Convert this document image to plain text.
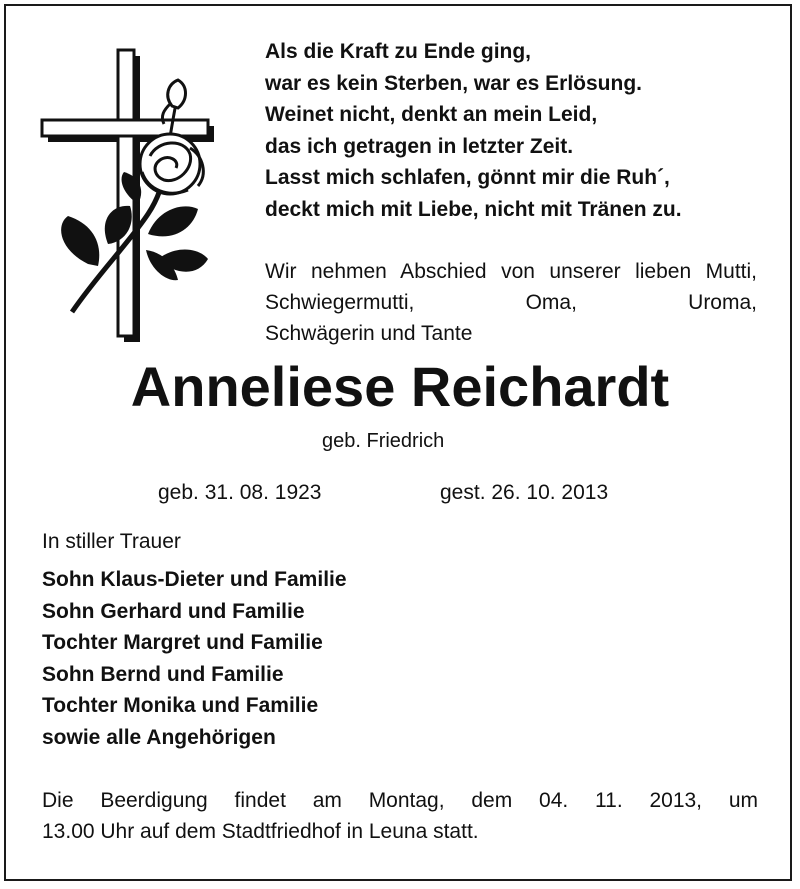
Als die Kraft zu Ende ging,
war es kein Sterben, war es Erlösung.
Weinet nicht, denkt an mein Leid,
das ich getragen in letzter Zeit.
Lasst mich schlafen, gönnt mir die Ruh´,
deckt mich mit Liebe, nicht mit Tränen zu.
Wir nehmen Abschied von unserer lieben Mutti, Schwiegermutti, Oma, Uroma,
Schwägerin und Tante
Anneliese Reichardt
geb. Friedrich
geb. 31. 08. 1923	gest. 26. 10. 2013
In stiller Trauer
Sohn Klaus-Dieter und Familie
Sohn Gerhard und Familie
Tochter Margret und Familie
Sohn Bernd und Familie
Tochter Monika und Familie
sowie alle Angehörigen
Die Beerdigung findet am Montag, dem 04. 11. 2013, um
13.00 Uhr auf dem Stadtfriedhof in Leuna statt.
